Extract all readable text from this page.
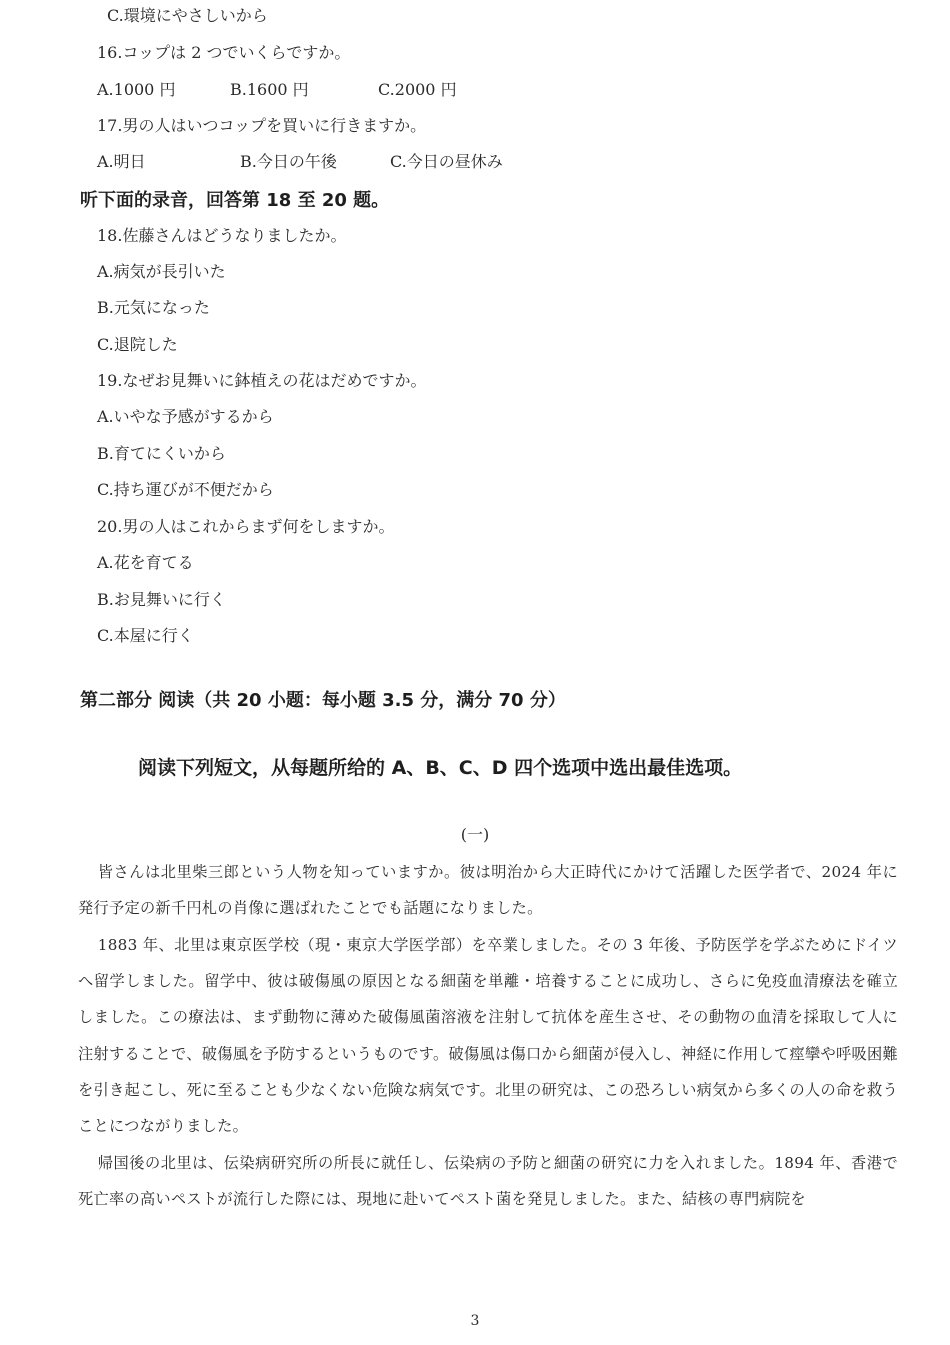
C.環境にやさしいから
16.コップは 2 つでいくらですか。
A.1000 円	B.1600 円	C.2000 円
17.男の人はいつコップを買いに行きますか。
A.明日	B.今日の午後	C.今日の昼休み
听下面的录音，回答第 18 至 20 题。
18.佐藤さんはどうなりましたか。
A.病気が長引いた
B.元気になった
C.退院した
19.なぜお見舞いに鉢植えの花はだめですか。
A.いやな予感がするから
B.育てにくいから
C.持ち運びが不便だから
20.男の人はこれからまず何をしますか。
A.花を育てる
B.お見舞いに行く
C.本屋に行く
第二部分 阅读（共 20 小题：每小题 3.5 分，满分 70 分）
阅读下列短文，从每题所给的 A、B、C、D 四个选项中选出最佳选项。
(一)

皆さんは北里柴三郎という人物を知っていますか。彼は明治から大正時代にかけて活躍した医学者で、2024 年に発行予定の新千円札の肖像に選ばれたことでも話題になりました。

1883 年、北里は東京医学校（現・東京大学医学部）を卒業しました。その 3 年後、予防医学を学ぶためにドイツへ留学しました。留学中、彼は破傷風の原因となる細菌を単離・培養することに成功し、さらに免疫血清療法を確立しました。この療法は、まず動物に薄めた破傷風菌溶液を注射して抗体を産生させ、その動物の血清を採取して人に注射することで、破傷風を予防するというものです。破傷風は傷口から細菌が侵入し、神経に作用して痙攣や呼吸困難を引き起こし、死に至ることも少なくない危険な病気です。北里の研究は、この恐ろしい病気から多くの人の命を救うことにつながりました。

帰国後の北里は、伝染病研究所の所長に就任し、伝染病の予防と細菌の研究に力を入れました。1894 年、香港で死亡率の高いペストが流行した際には、現地に赴いてペスト菌を発見しました。また、結核の専門病院を

3
